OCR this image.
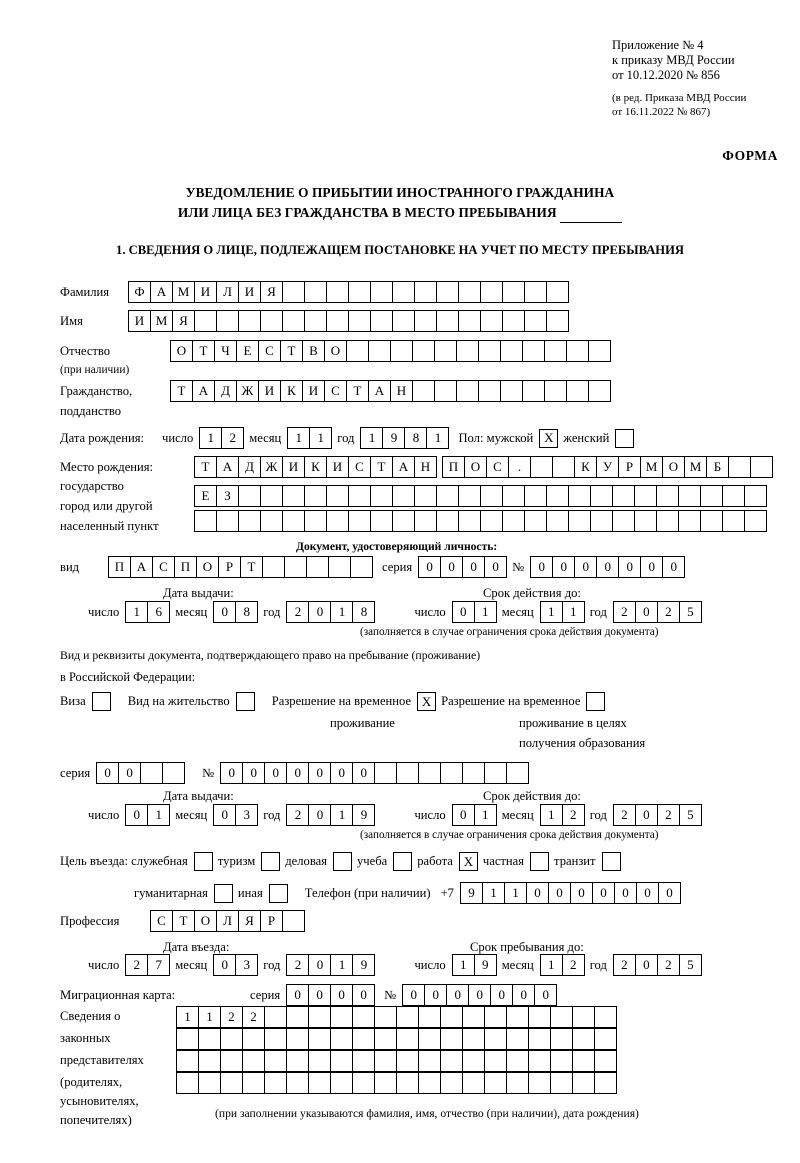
Приложение № 4
к приказу МВД России
от 10.12.2020 № 856
(в ред. Приказа МВД России
от 16.11.2022 № 867)
ФОРМА
УВЕДОМЛЕНИЕ О ПРИБЫТИИ ИНОСТРАННОГО ГРАЖДАНИНА
ИЛИ ЛИЦА БЕЗ ГРАЖДАНСТВА В МЕСТО ПРЕБЫВАНИЯ
1. СВЕДЕНИЯ О ЛИЦЕ, ПОДЛЕЖАЩЕМ ПОСТАНОВКЕ НА УЧЕТ ПО МЕСТУ ПРЕБЫВАНИЯ
Фамилия	Ф А М И Л И Я
Имя	И М Я
Отчество	О	Т	Ч	Е	С	Т	В О
(при наличии)
Гражданство,	Т	А Д Ж И К И С	Т	А Н
подданство
Дата рождения: число	1	2	месяц	1	1	год	1	9	8	1	Пол: мужской X женский
Место рождения:	Т	А Д Ж И К И С	Т	А Н	П О С	.	К	У	Р М О М Б
государство
Е	З
город или другой
населенный пункт
Документ, удостоверяющий личность:
вид	П А С П О	Р	Т	серия	0	0	0	0	№	0	0	0	0	0	0	0
Дата выдачи:	Срок действия до:
число	1	6	месяц	0	8	год	2	0	1	8	число	0	1	месяц	1	1	год	2	0	2	5
(заполняется в случае ограничения срока действия документа)
Вид и реквизиты документа, подтверждающего право на пребывание (проживание)
в Российской Федерации:
Виза	Вид на жительство	Разрешение на временное X Разрешение на временное
проживание	проживание в целях
получения образования
серия	0	0	№	0	0	0	0	0	0	0
Дата выдачи:	Срок действия до:
число	0	1	месяц	0	3	год	2	0	1	9	число	0	1	месяц	1	2	год	2	0	2	5
(заполняется в случае ограничения срока действия документа)
Цель въезда: служебная туризм деловая учеба работа X частная транзит
гуманитарная иная	Телефон (при наличии) +7	9	1	1	0	0	0	0	0	0	0
Профессия	С	Т	О Л	Я	Р
Дата въезда:	Срок пребывания до:
число	2	7	месяц	0	3	год	2	0	1	9	число	1	9	месяц	1	2	год	2	0	2	5
Миграционная карта:	серия	0	0	0	0	№	0	0	0	0	0	0	0
Сведения о
законных
представителях
(родителях,
усыновителях,
попечителях)
1	1	2	2
(при заполнении указываются фамилия, имя, отчество (при наличии), дата рождения)
